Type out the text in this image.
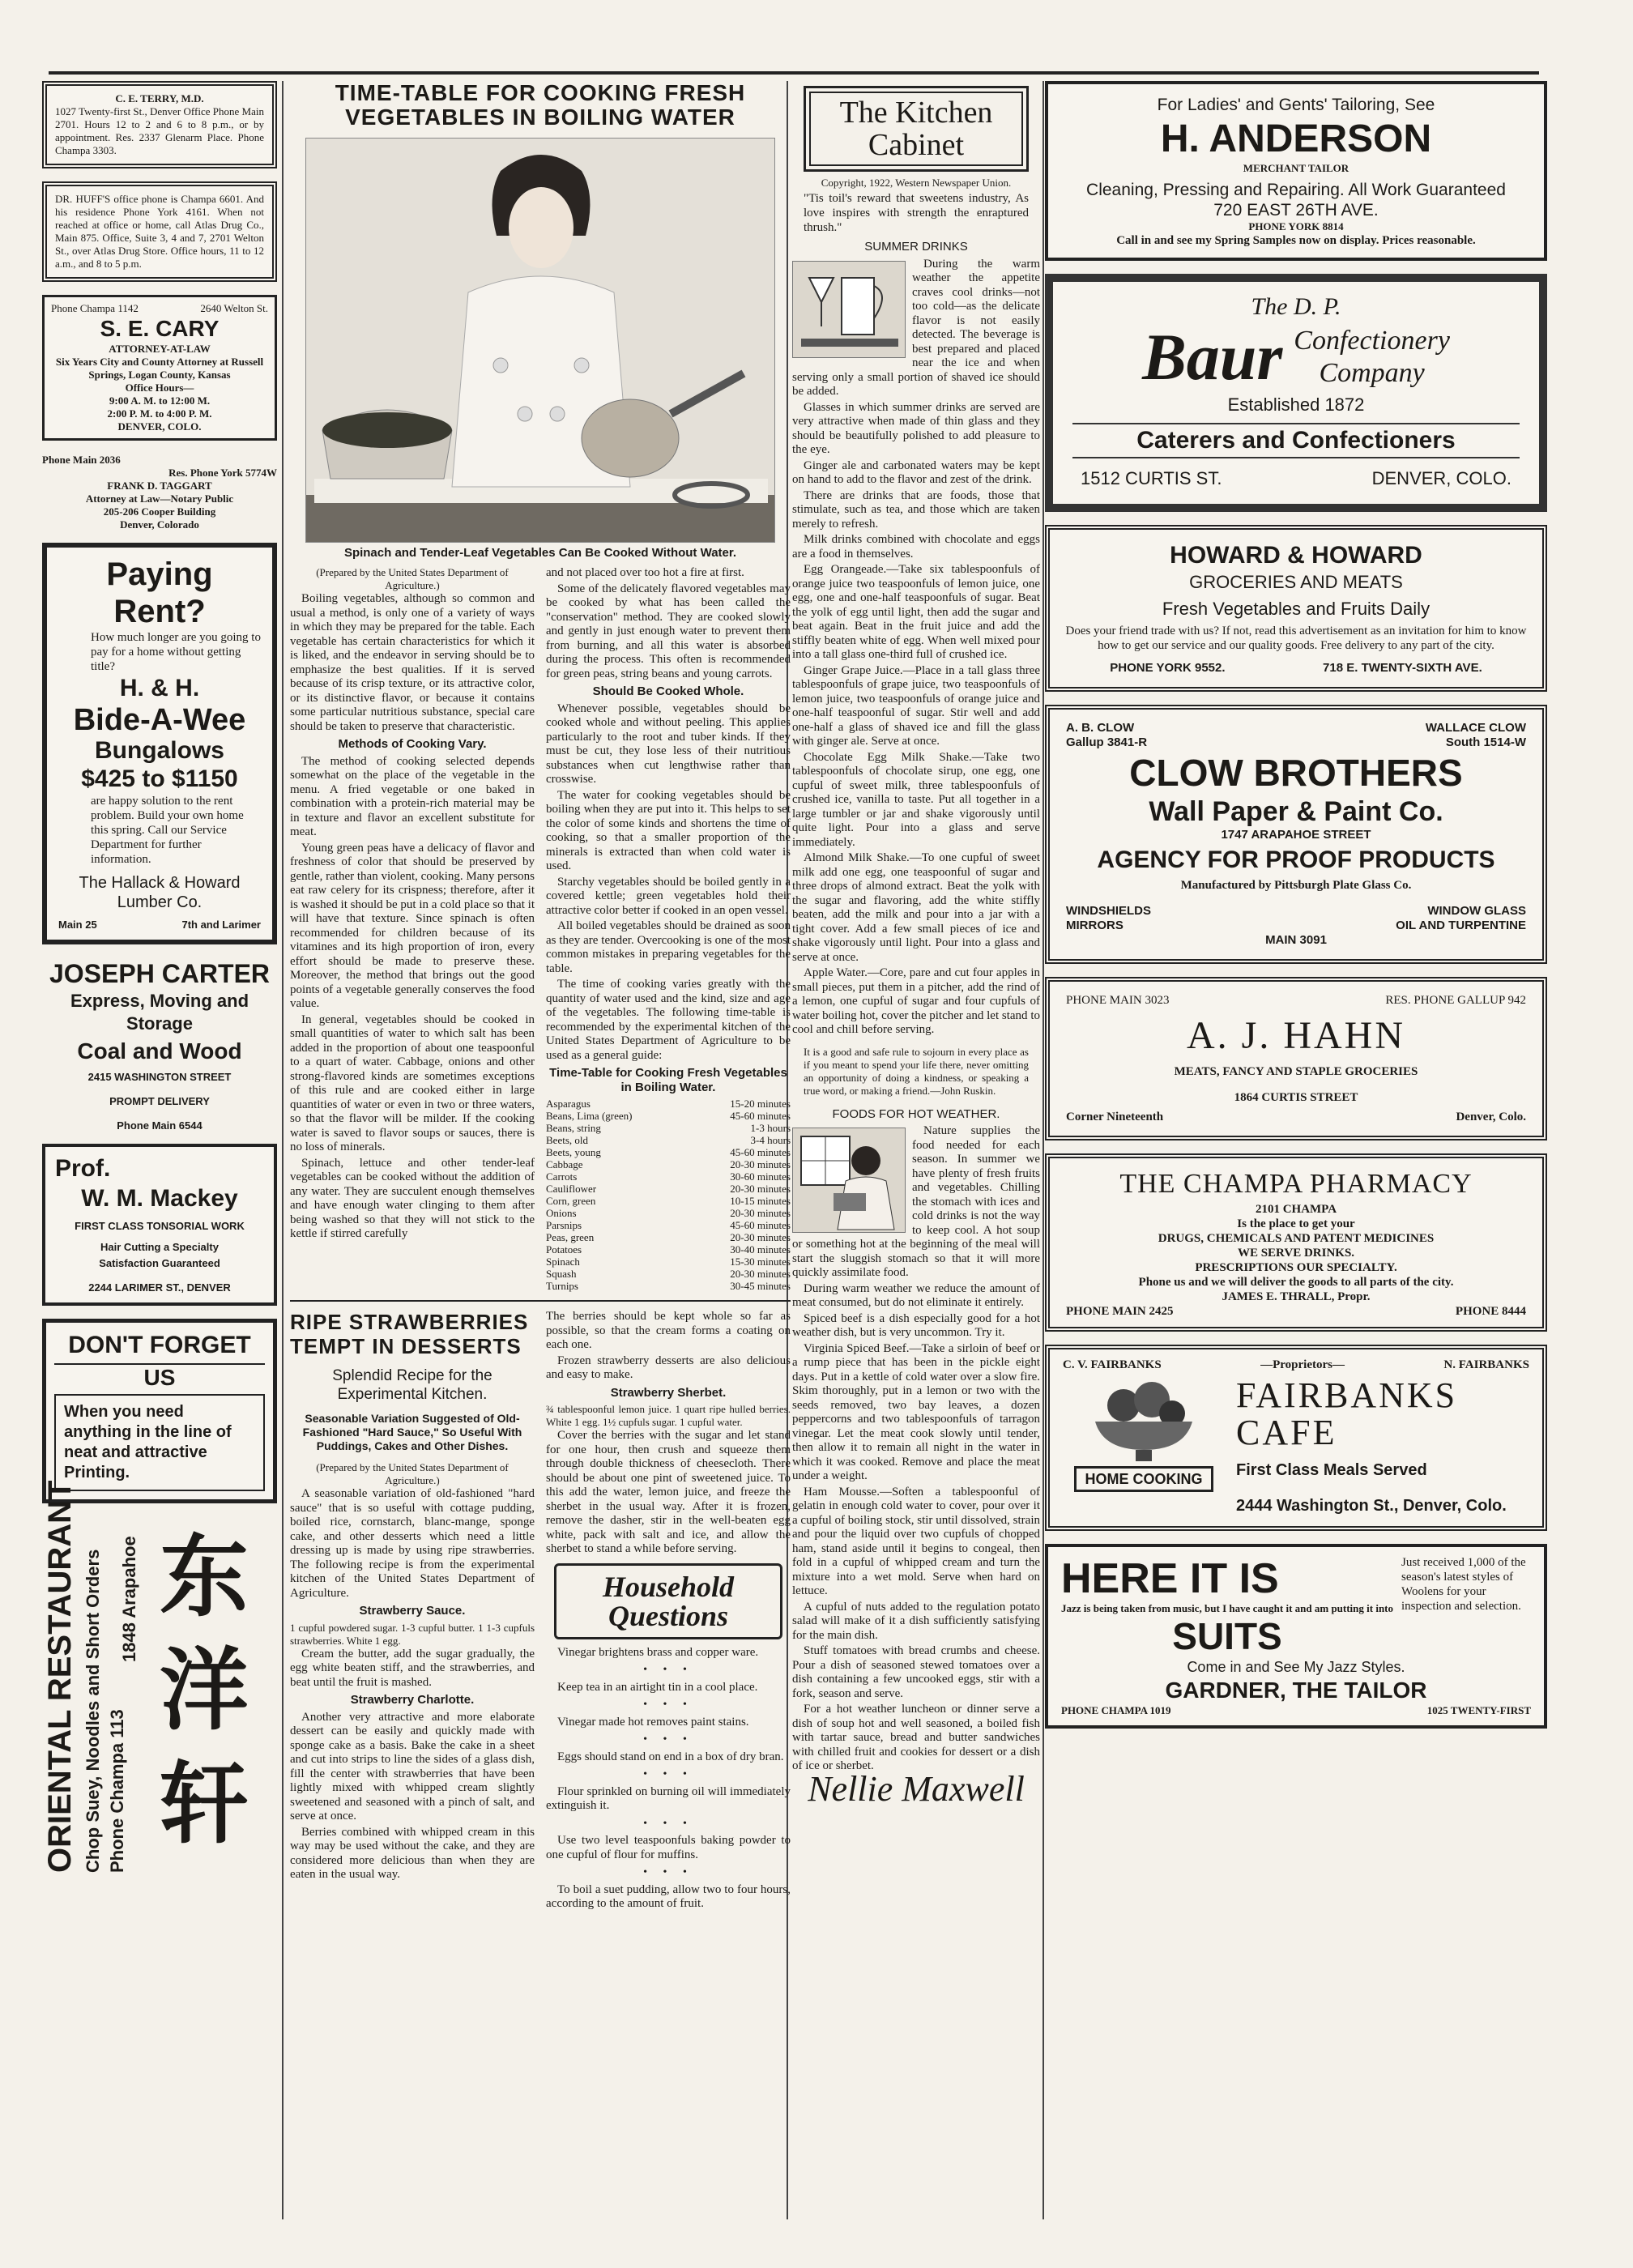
C. E. TERRY, M.D.
1027 Twenty-first St., Denver Office Phone Main 2701. Hours 12 to 2 and 6 to 8 p.m., or by appointment. Res. 2337 Glenarm Place. Phone Champa 3303.
DR. HUFF'S office phone is Champa 6601. And his residence Phone York 4161. When not reached at office or home, call Atlas Drug Co., Main 875. Office, Suite 3, 4 and 7, 2701 Welton St., over Atlas Drug Store. Office hours, 11 to 12 a.m., and 8 to 5 p.m.
Phone Champa 1142	2640 Welton St.
S. E. CARY
ATTORNEY-AT-LAW
Six Years City and County Attorney at Russell Springs, Logan County, Kansas
Office Hours—
9:00 A. M. to 12:00 M.
2:00 P. M. to 4:00 P. M.
DENVER, COLO.
Phone Main 2036
Res. Phone York 5774W
FRANK D. TAGGART
Attorney at Law—Notary Public
205-206 Cooper Building
Denver, Colorado
Paying Rent?
How much longer are you going to pay for a home without getting title?
H. & H.
Bide-A-Wee
Bungalows
$425 to $1150
are happy solution to the rent problem. Build your own home this spring. Call our Service Department for further information.
The Hallack & Howard Lumber Co.
Main 25	7th and Larimer
JOSEPH CARTER
Express, Moving and Storage
Coal and Wood
2415 WASHINGTON STREET
PROMPT DELIVERY
Phone Main 6544
Prof.
W. M. Mackey
FIRST CLASS TONSORIAL WORK
Hair Cutting a Specialty
Satisfaction Guaranteed
2244 LARIMER ST., DENVER
DON'T FORGET
US
When you need anything in the line of neat and attractive Printing.
ORIENTAL RESTAURANT Chop Suey, Noodles and Short Orders Phone Champa 113
1848 Arapahoe 东
洋
轩
TIME-TABLE FOR COOKING FRESH VEGETABLES IN BOILING WATER
Spinach and Tender-Leaf Vegetables Can Be Cooked Without Water.
(Prepared by the United States Department of Agriculture.)

Boiling vegetables, although so common and usual a method, is only one of a variety of ways in which they may be prepared for the table. Each vegetable has certain characteristics for which it is liked, and the endeavor in serving should be to emphasize the best qualities. If it is served because of its crisp texture, or its attractive color, or its distinctive flavor, or because it contains some particular nutritious substance, special care should be taken to preserve that characteristic.

Methods of Cooking Vary.

The method of cooking selected depends somewhat on the place of the vegetable in the menu. A fried vegetable or one baked in combination with a protein-rich material may be in texture and flavor an excellent substitute for meat.

Young green peas have a delicacy of flavor and freshness of color that should be preserved by gentle, rather than violent, cooking. Many persons eat raw celery for its crispness; therefore, after it is washed it should be put in a cold place so that it will have that texture. Since spinach is often recommended for children because of its vitamines and its high proportion of iron, every effort should be made to preserve these. Moreover, the method that brings out the good points of a vegetable generally conserves the food value.

In general, vegetables should be cooked in small quantities of water to which salt has been added in the proportion of about one teaspoonful to a quart of water. Cabbage, onions and other strong-flavored kinds are sometimes exceptions of this rule and are cooked either in large quantities of water or even in two or three waters, so that the flavor will be milder. If the cooking water is saved to flavor soups or sauces, there is no loss of minerals.

Spinach, lettuce and other tender-leaf vegetables can be cooked without the addition of any water. They are succulent enough themselves and have enough water clinging to them after being washed so that they will not stick to the kettle if stirred carefully

and not placed over too hot a fire at first.

Some of the delicately flavored vegetables may be cooked by what has been called the "conservation" method. They are cooked slowly and gently in just enough water to prevent them from burning, and all this water is absorbed during the process. This often is recommended for green peas, string beans and young carrots.

Should Be Cooked Whole.

Whenever possible, vegetables should be cooked whole and without peeling. This applies particularly to the root and tuber kinds. If they must be cut, they lose less of their nutritious substances when cut lengthwise rather than crosswise.

The water for cooking vegetables should be boiling when they are put into it. This helps to set the color of some kinds and shortens the time of cooking, so that a smaller proportion of the minerals is extracted than when cold water is used.

Starchy vegetables should be boiled gently in a covered kettle; green vegetables hold their attractive color better if cooked in an open vessel.

All boiled vegetables should be drained as soon as they are tender. Overcooking is one of the most common mistakes in preparing vegetables for the table.

The time of cooking varies greatly with the quantity of water used and the kind, size and age of the vegetables. The following time-table is recommended by the experimental kitchen of the United States Department of Agriculture to be used as a general guide:

Time-Table for Cooking Fresh Vegetables in Boiling Water.
Asparagus	15-20 minutes
Beans, Lima (green)	45-60 minutes
Beans, string	1-3 hours
Beets, old	3-4 hours
Beets, young	45-60 minutes
Cabbage	20-30 minutes
Carrots	30-60 minutes
Cauliflower	20-30 minutes
Corn, green	10-15 minutes
Onions	20-30 minutes
Parsnips	45-60 minutes
Peas, green	20-30 minutes
Potatoes	30-40 minutes
Spinach	15-30 minutes
Squash	20-30 minutes
Turnips	30-45 minutes
RIPE STRAWBERRIES TEMPT IN DESSERTS
Splendid Recipe for the Experimental Kitchen.
Seasonable Variation Suggested of Old-Fashioned "Hard Sauce," So Useful With Puddings, Cakes and Other Dishes.
(Prepared by the United States Department of Agriculture.)

A seasonable variation of old-fashioned "hard sauce" that is so useful with cottage pudding, boiled rice, cornstarch, blanc-mange, sponge cake, and other desserts which need a little dressing up is made by using ripe strawberries. The following recipe is from the experimental kitchen of the United States Department of Agriculture.

Strawberry Sauce.
1 cupful powdered sugar. 1-3 cupful butter. 1 1-3 cupfuls strawberries. White 1 egg.

Cream the butter, add the sugar gradually, the egg white beaten stiff, and the strawberries, and beat until the fruit is mashed.

Strawberry Charlotte.

Another very attractive and more elaborate dessert can be easily and quickly made with sponge cake as a basis. Bake the cake in a sheet and cut into strips to line the sides of a glass dish, fill the center with strawberries that have been lightly mixed with whipped cream slightly sweetened and seasoned with a pinch of salt, and serve at once.

Berries combined with whipped cream in this way may be used without the cake, and they are considered more delicious than when they are eaten in the usual way.

The berries should be kept whole so far as possible, so that the cream forms a coating on each one.

Frozen strawberry desserts are also delicious and easy to make.

Strawberry Sherbet.
¾ tablespoonful lemon juice. 1 quart ripe hulled berries. White 1 egg. 1½ cupfuls sugar. 1 cupful water.

Cover the berries with the sugar and let stand for one hour, then crush and squeeze them through double thickness of cheesecloth. There should be about one pint of sweetened juice. To this add the water, lemon juice, and freeze the sherbet in the usual way. After it is frozen, remove the dasher, stir in the well-beaten egg white, pack with salt and ice, and allow the sherbet to stand a while before serving.

Household Questions

Vinegar brightens brass and copper ware.

• • •

Keep tea in an airtight tin in a cool place.

• • •

Vinegar made hot removes paint stains.

• • •

Eggs should stand on end in a box of dry bran.

• • •

Flour sprinkled on burning oil will immediately extinguish it.

• • •

Use two level teaspoonfuls baking powder to one cupful of flour for muffins.

• • •

To boil a suet pudding, allow two to four hours, according to the amount of fruit.

The Kitchen
Cabinet
Copyright, 1922, Western Newspaper Union.
"Tis toil's reward that sweetens industry, As love inspires with strength the enraptured thrush."
SUMMER DRINKS

During the warm weather the appetite craves cool drinks—not too cold—as the delicate flavor is not easily detected. The beverage is best prepared and placed near the ice and when serving only a small portion of shaved ice should be added.

Glasses in which summer drinks are served are very attractive when made of thin glass and they should be beautifully polished to add pleasure to the eye.

Ginger ale and carbonated waters may be kept on hand to add to the flavor and zest of the drink.

There are drinks that are foods, those that stimulate, such as tea, and those which are taken merely to refresh.

Milk drinks combined with chocolate and eggs are a food in themselves.

Egg Orangeade.—Take six tablespoonfuls of orange juice two teaspoonfuls of lemon juice, one egg, one and one-half teaspoonfuls of sugar. Beat the yolk of egg until light, then add the sugar and beat again. Beat in the fruit juice and add the stiffly beaten white of egg. When well mixed pour into a tall glass one-third full of crushed ice.

Ginger Grape Juice.—Place in a tall glass three tablespoonfuls of grape juice, two teaspoonfuls of lemon juice, two teaspoonfuls of orange juice and one-half teaspoonful of sugar. Stir well and add one-half a glass of shaved ice and fill the glass with ginger ale. Serve at once.

Chocolate Egg Milk Shake.—Take two tablespoonfuls of chocolate sirup, one egg, one cupful of sweet milk, three tablespoonfuls of crushed ice, vanilla to taste. Put all together in a large tumbler or jar and shake vigorously until quite light. Pour into a glass and serve immediately.

Almond Milk Shake.—To one cupful of sweet milk add one egg, one teaspoonful of sugar and three drops of almond extract. Beat the yolk with the sugar and flavoring, add the white stiffly beaten, add the milk and pour into a jar with a tight cover. Add a few small pieces of ice and shake vigorously until light. Pour into a glass and serve at once.

Apple Water.—Core, pare and cut four apples in small pieces, put them in a pitcher, add the rind of a lemon, one cupful of sugar and four cupfuls of water boiling hot, cover the pitcher and let stand to cool and chill before serving.

It is a good and safe rule to sojourn in every place as if you meant to spend your life there, never omitting an opportunity of doing a kindness, or speaking a true word, or making a friend.—John Ruskin.
FOODS FOR HOT WEATHER.

Nature supplies the food needed for each season. In summer we have plenty of fresh fruits and vegetables. Chilling the stomach with ices and cold drinks is not the way to keep cool. A hot soup or something hot at the beginning of the meal will start the sluggish stomach so that it will more quickly assimilate food.

During warm weather we reduce the amount of meat consumed, but do not eliminate it entirely.

Spiced beef is a dish especially good for a hot weather dish, but is very uncommon. Try it.

Virginia Spiced Beef.—Take a sirloin of beef or a rump piece that has been in the pickle eight days. Put in a kettle of cold water over a slow fire. Skim thoroughly, put in a lemon or two with the seeds removed, two bay leaves, a dozen peppercorns and two tablespoonfuls of tarragon vinegar. Let the meat cook slowly until tender, then allow it to remain all night in the water in which it was cooked. Remove and place the meat under a weight.

Ham Mousse.—Soften a tablespoonful of gelatin in enough cold water to cover, pour over it a cupful of boiling stock, stir until dissolved, strain and pour the liquid over two cupfuls of chopped ham, stand aside until it begins to congeal, then fold in a cupful of whipped cream and turn the mixture into a wet mold. Serve when hard on lettuce.

A cupful of nuts added to the regulation potato salad will make of it a dish sufficiently satisfying for the main dish.

Stuff tomatoes with bread crumbs and cheese. Pour a dish of seasoned stewed tomatoes over a dish containing a few uncooked eggs, stir with a fork, season and serve.

For a hot weather luncheon or dinner serve a dish of soup hot and well seasoned, a boiled fish with tartar sauce, bread and butter sandwiches with chilled fruit and cookies for dessert or a dish of ice or sherbet.

Nellie Maxwell
For Ladies' and Gents' Tailoring, See
H. ANDERSON
MERCHANT TAILOR
Cleaning, Pressing and Repairing. All Work Guaranteed
720 EAST 26TH AVE.
PHONE YORK 8814
Call in and see my Spring Samples now on display. Prices reasonable.
The D. P.
Baur Confectionery
Company
Established 1872
Caterers and Confectioners
1512 CURTIS ST.	DENVER, COLO.
HOWARD & HOWARD
GROCERIES AND MEATS
Fresh Vegetables and Fruits Daily
Does your friend trade with us? If not, read this advertisement as an invitation for him to know how to get our service and our quality goods. Free delivery to any part of the city.
PHONE YORK 9552.	718 E. TWENTY-SIXTH AVE.
A. B. CLOW
Gallup 3841-R
WALLACE CLOW
South 1514-W
CLOW BROTHERS
Wall Paper & Paint Co.
1747 ARAPAHOE STREET
AGENCY FOR PROOF PRODUCTS
Manufactured by Pittsburgh Plate Glass Co.
WINDSHIELDS
MIRRORS
WINDOW GLASS
OIL AND TURPENTINE
MAIN 3091
PHONE MAIN 3023	RES. PHONE GALLUP 942
A. J. HAHN
MEATS, FANCY AND STAPLE GROCERIES
1864 CURTIS STREET
Corner Nineteenth	Denver, Colo.
THE CHAMPA PHARMACY
2101 CHAMPA
Is the place to get your
DRUGS, CHEMICALS AND PATENT MEDICINES
WE SERVE DRINKS.
PRESCRIPTIONS OUR SPECIALTY.
Phone us and we will deliver the goods to all parts of the city.
JAMES E. THRALL, Propr.
PHONE MAIN 2425	PHONE 8444
C. V. FAIRBANKS	—Proprietors—	N. FAIRBANKS
HOME COOKING
FAIRBANKS
CAFE
First Class Meals Served
2444 Washington St., Denver, Colo.
HERE IT IS
Jazz is being taken from music, but I have caught it and am putting it into
SUITS
Just received 1,000 of the season's latest styles of Woolens for your inspection and selection.
Come in and See My Jazz Styles.
GARDNER, THE TAILOR
PHONE CHAMPA 1019	1025 TWENTY-FIRST
